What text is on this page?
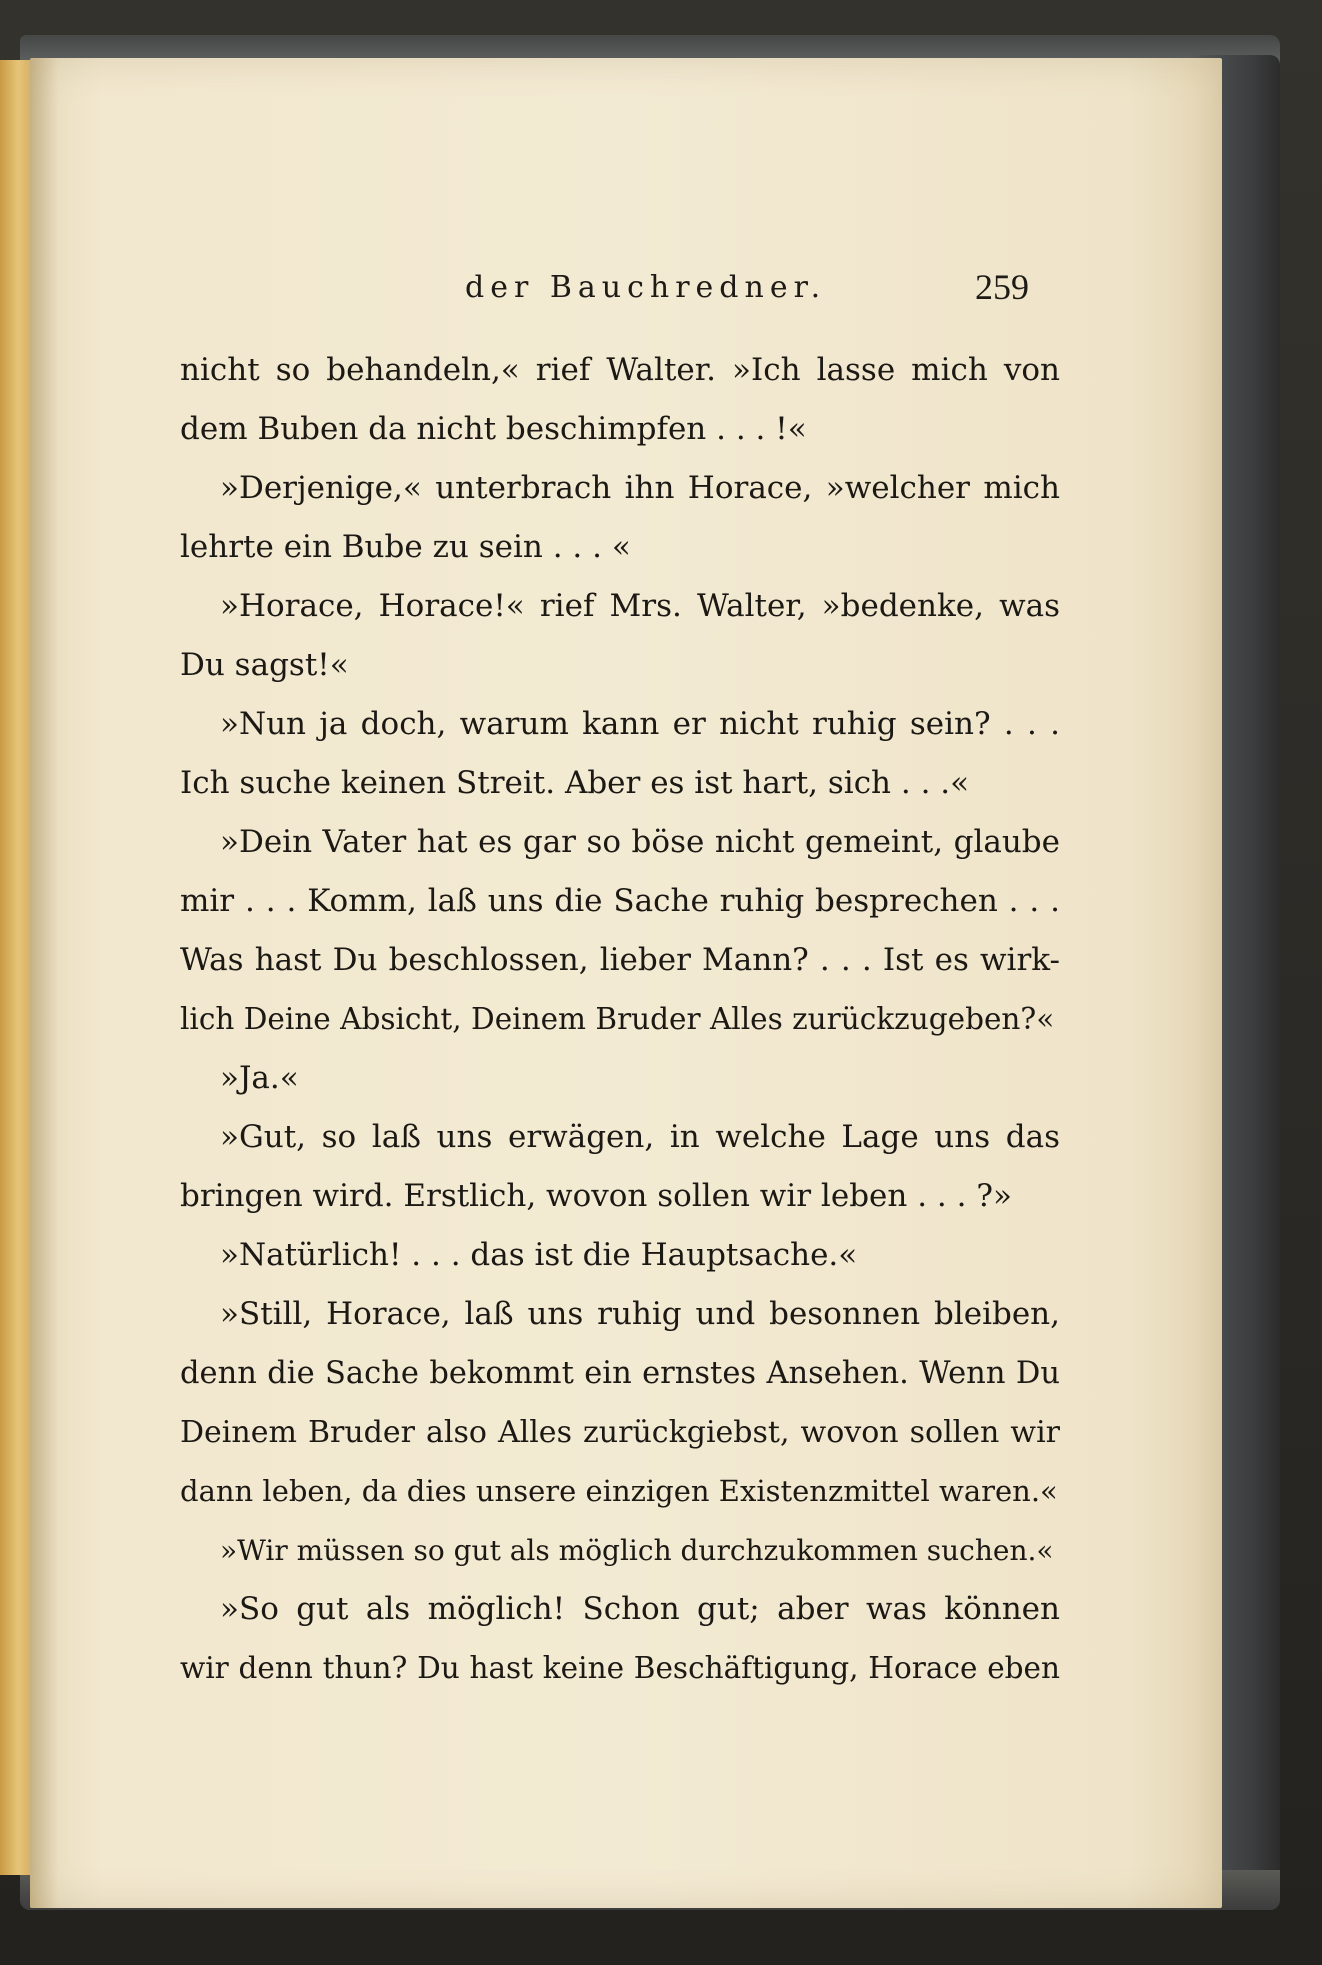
der Bauchredner.	259
nicht so behandeln,« rief Walter. »Ich lasse mich von
dem Buben da nicht beschimpfen . . . !«
»Derjenige,« unterbrach ihn Horace, »welcher mich
lehrte ein Bube zu sein . . . «
»Horace, Horace!« rief Mrs. Walter, »bedenke, was
Du sagst!«
»Nun ja doch, warum kann er nicht ruhig sein? . . .
Ich suche keinen Streit. Aber es ist hart, sich . . .«
»Dein Vater hat es gar so böse nicht gemeint, glaube
mir . . . Komm, laß uns die Sache ruhig besprechen . . .
Was hast Du beschlossen, lieber Mann? . . . Ist es wirk-
lich Deine Absicht, Deinem Bruder Alles zurückzugeben?«
»Ja.«
»Gut, so laß uns erwägen, in welche Lage uns das
bringen wird. Erstlich, wovon sollen wir leben . . . ?»
»Natürlich! . . . das ist die Hauptsache.«
»Still, Horace, laß uns ruhig und besonnen bleiben,
denn die Sache bekommt ein ernstes Ansehen. Wenn Du
Deinem Bruder also Alles zurückgiebst, wovon sollen wir
dann leben, da dies unsere einzigen Existenzmittel waren.«
»Wir müssen so gut als möglich durchzukommen suchen.«
»So gut als möglich! Schon gut; aber was können
wir denn thun? Du hast keine Beschäftigung, Horace eben
